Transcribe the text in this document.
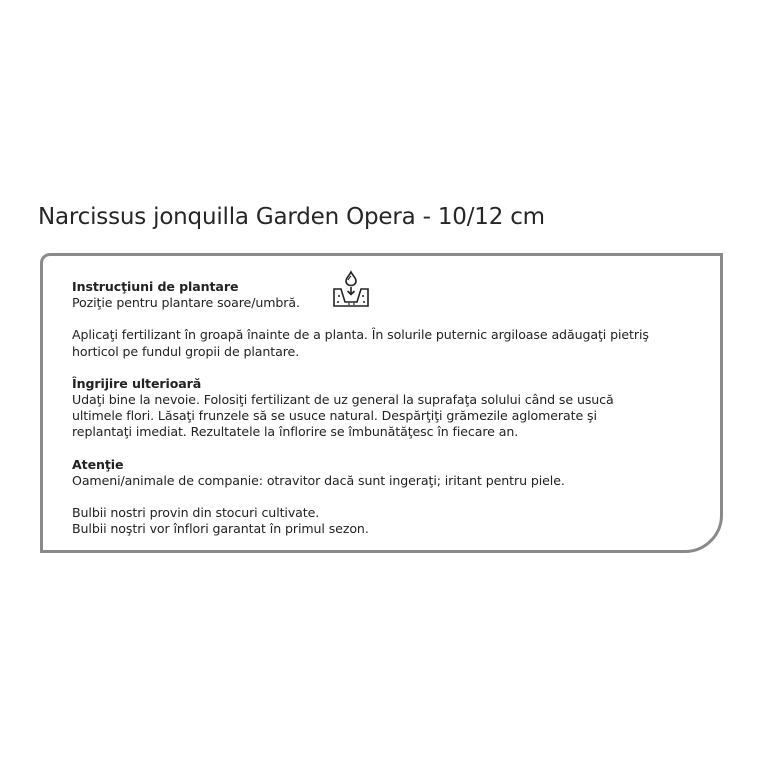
Narcissus jonquilla Garden Opera - 10/12 cm

Instrucţiuni de plantare

Poziţie pentru plantare soare/umbră.

Aplicaţi fertilizant în groapă înainte de a planta. În solurile puternic argiloase adăugaţi pietriş

horticol pe fundul gropii de plantare.

Îngrijire ulterioară

Udaţi bine la nevoie. Folosiţi fertilizant de uz general la suprafaţa solului când se usucă

ultimele flori. Lăsaţi frunzele să se usuce natural. Despărţiţi grămezile aglomerate şi

replantaţi imediat. Rezultatele la înflorire se îmbunătăţesc în fiecare an.

Atenţie

Oameni/animale de companie: otravitor dacă sunt ingeraţi; iritant pentru piele.

Bulbii nostri provin din stocuri cultivate.

Bulbii noştri vor înflori garantat în primul sezon.
